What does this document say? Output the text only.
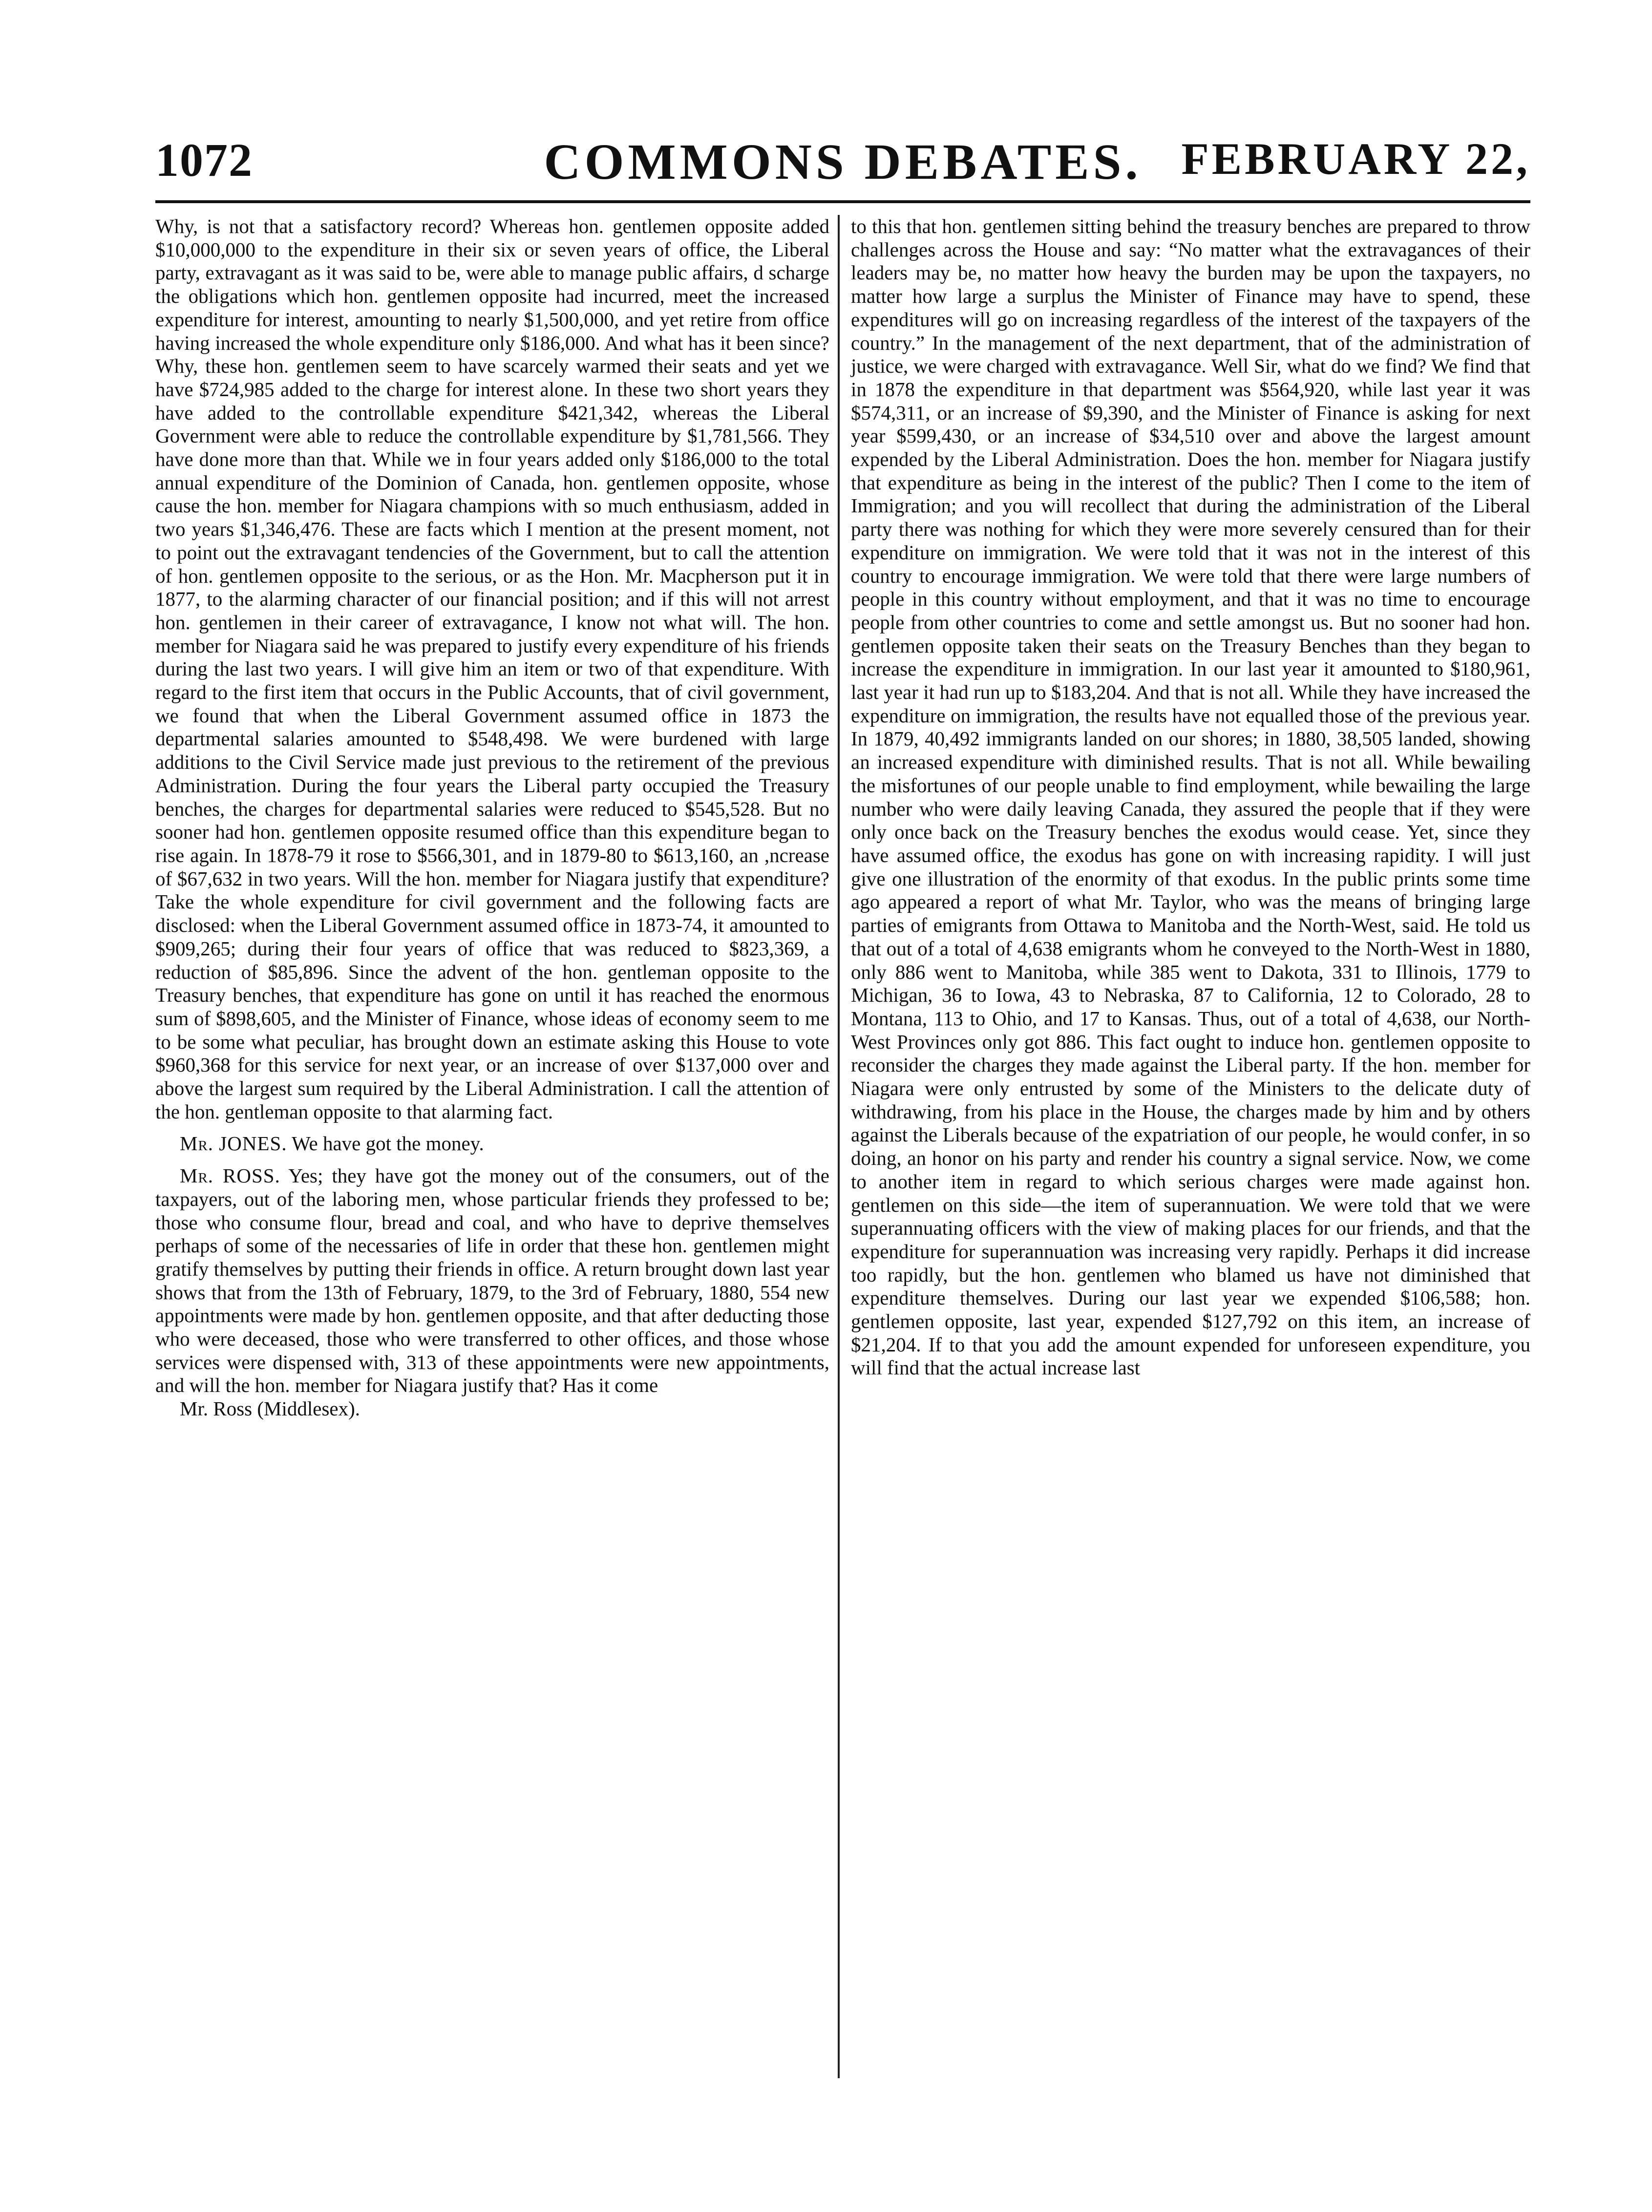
1072	COMMONS DEBATES. FEBRUARY 22,

Why, is not that a satisfactory record? Whereas hon. gentlemen opposite added $10,000,000 to the expenditure in their six or seven years of office, the Liberal party, extravagant as it was said to be, were able to manage public affairs, d scharge the obligations which hon. gentlemen opposite had incurred, meet the increased expenditure for interest, amounting to nearly $1,500,000, and yet retire from office having increased the whole expenditure only $186,000. And what has it been since? Why, these hon. gentlemen seem to have scarcely warmed their seats and yet we have $724,985 added to the charge for interest alone. In these two short years they have added to the controllable expenditure $421,342, whereas the Liberal Government were able to reduce the controllable expenditure by $1,781,566. They have done more than that. While we in four years added only $186,000 to the total annual expenditure of the Dominion of Canada, hon. gentlemen opposite, whose cause the hon. member for Niagara champions with so much enthusiasm, added in two years $1,346,476. These are facts which I mention at the present moment, not to point out the extravagant tendencies of the Government, but to call the attention of hon. gentlemen opposite to the serious, or as the Hon. Mr. Macpherson put it in 1877, to the alarming character of our financial position; and if this will not arrest hon. gentlemen in their career of extravagance, I know not what will. The hon. member for Niagara said he was prepared to justify every expenditure of his friends during the last two years. I will give him an item or two of that expenditure. With regard to the first item that occurs in the Public Accounts, that of civil government, we found that when the Liberal Government assumed office in 1873 the departmental salaries amounted to $548,498. We were burdened with large additions to the Civil Service made just previous to the retirement of the previous Administration. During the four years the Liberal party occupied the Treasury benches, the charges for departmental salaries were reduced to $545,528. But no sooner had hon. gentlemen opposite resumed office than this expenditure began to rise again. In 1878-79 it rose to $566,301, and in 1879-80 to $613,160, an ,ncrease of $67,632 in two years. Will the hon. member for Niagara justify that expenditure? Take the whole expenditure for civil government and the following facts are disclosed: when the Liberal Government assumed office in 1873-74, it amounted to $909,265; during their four years of office that was reduced to $823,369, a reduction of $85,896. Since the advent of the hon. gentleman opposite to the Treasury benches, that expenditure has gone on until it has reached the enormous sum of $898,605, and the Minister of Finance, whose ideas of economy seem to me to be some what peculiar, has brought down an estimate asking this House to vote $960,368 for this service for next year, or an increase of over $137,000 over and above the largest sum required by the Liberal Administration. I call the attention of the hon. gentleman opposite to that alarming fact.

Mr. JONES. We have got the money.

Mr. ROSS. Yes; they have got the money out of the consumers, out of the taxpayers, out of the laboring men, whose particular friends they professed to be; those who consume flour, bread and coal, and who have to deprive themselves perhaps of some of the necessaries of life in order that these hon. gentlemen might gratify themselves by putting their friends in office. A return brought down last year shows that from the 13th of February, 1879, to the 3rd of February, 1880, 554 new appointments were made by hon. gentlemen opposite, and that after deducting those who were deceased, those who were transferred to other offices, and those whose services were dispensed with, 313 of these appointments were new appointments, and will the hon. member for Niagara justify that? Has it come

Mr. Ross (Middlesex).

to this that hon. gentlemen sitting behind the treasury benches are prepared to throw challenges across the House and say: “No matter what the extravagances of their leaders may be, no matter how heavy the burden may be upon the taxpayers, no matter how large a surplus the Minister of Finance may have to spend, these expenditures will go on increasing regardless of the interest of the taxpayers of the country.” In the management of the next department, that of the administration of justice, we were charged with extravagance. Well Sir, what do we find? We find that in 1878 the expenditure in that department was $564,920, while last year it was $574,311, or an increase of $9,390, and the Minister of Finance is asking for next year $599,430, or an increase of $34,510 over and above the largest amount expended by the Liberal Administration. Does the hon. member for Niagara justify that expenditure as being in the interest of the public? Then I come to the item of Immigration; and you will recollect that during the administration of the Liberal party there was nothing for which they were more severely censured than for their expenditure on immigration. We were told that it was not in the interest of this country to encourage immigration. We were told that there were large numbers of people in this country without employment, and that it was no time to encourage people from other countries to come and settle amongst us. But no sooner had hon. gentlemen opposite taken their seats on the Treasury Benches than they began to increase the expenditure in immigration. In our last year it amounted to $180,961, last year it had run up to $183,204. And that is not all. While they have increased the expenditure on immigration, the results have not equalled those of the previous year. In 1879, 40,492 immigrants landed on our shores; in 1880, 38,505 landed, showing an increased expenditure with diminished results. That is not all. While bewailing the misfortunes of our people unable to find employment, while bewailing the large number who were daily leaving Canada, they assured the people that if they were only once back on the Treasury benches the exodus would cease. Yet, since they have assumed office, the exodus has gone on with increasing rapidity. I will just give one illustration of the enormity of that exodus. In the public prints some time ago appeared a report of what Mr. Taylor, who was the means of bringing large parties of emigrants from Ottawa to Manitoba and the North-West, said. He told us that out of a total of 4,638 emigrants whom he conveyed to the North-West in 1880, only 886 went to Manitoba, while 385 went to Dakota, 331 to Illinois, 1779 to Michigan, 36 to Iowa, 43 to Nebraska, 87 to California, 12 to Colorado, 28 to Montana, 113 to Ohio, and 17 to Kansas. Thus, out of a total of 4,638, our North-West Provinces only got 886. This fact ought to induce hon. gentlemen opposite to reconsider the charges they made against the Liberal party. If the hon. member for Niagara were only entrusted by some of the Ministers to the delicate duty of withdrawing, from his place in the House, the charges made by him and by others against the Liberals because of the expatriation of our people, he would confer, in so doing, an honor on his party and render his country a signal service. Now, we come to another item in regard to which serious charges were made against hon. gentlemen on this side—the item of superannuation. We were told that we were superannuating officers with the view of making places for our friends, and that the expenditure for superannuation was increasing very rapidly. Perhaps it did increase too rapidly, but the hon. gentlemen who blamed us have not diminished that expenditure themselves. During our last year we expended $106,588; hon. gentlemen opposite, last year, expended $127,792 on this item, an increase of $21,204. If to that you add the amount expended for unforeseen expenditure, you will find that the actual increase last
